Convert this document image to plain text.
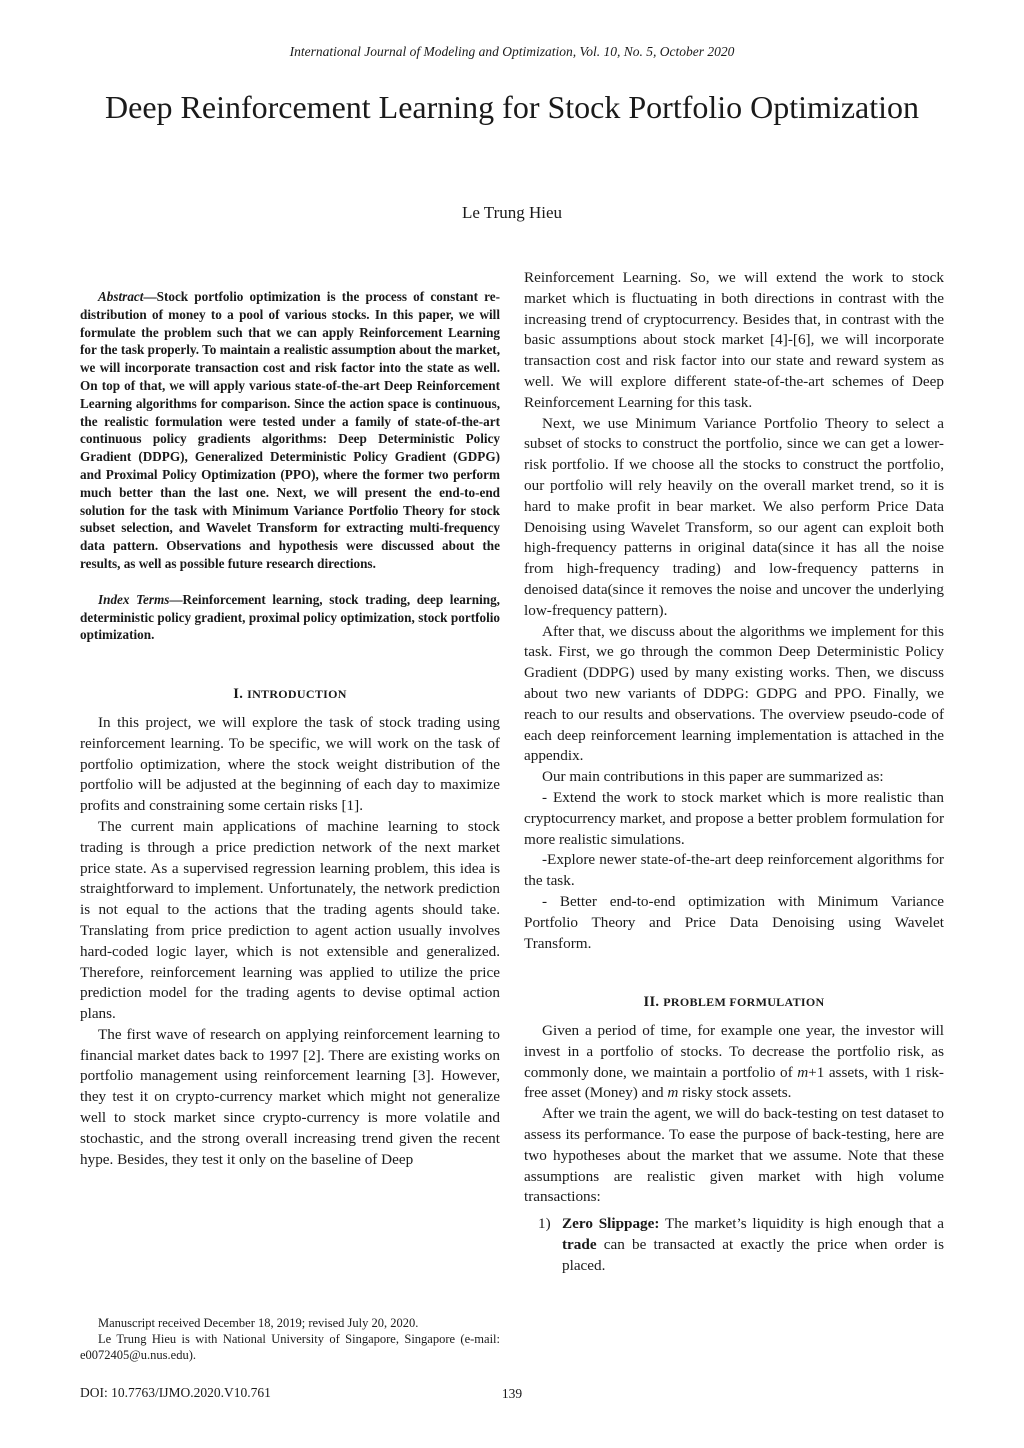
International Journal of Modeling and Optimization, Vol. 10, No. 5, October 2020
Deep Reinforcement Learning for Stock Portfolio Optimization
Le Trung Hieu

Abstract—Stock portfolio optimization is the process of constant re-distribution of money to a pool of various stocks. In this paper, we will formulate the problem such that we can apply Reinforcement Learning for the task properly. To maintain a realistic assumption about the market, we will incorporate transaction cost and risk factor into the state as well. On top of that, we will apply various state-of-the-art Deep Reinforcement Learning algorithms for comparison. Since the action space is continuous, the realistic formulation were tested under a family of state-of-the-art continuous policy gradients algorithms: Deep Deterministic Policy Gradient (DDPG), Generalized Deterministic Policy Gradient (GDPG) and Proximal Policy Optimization (PPO), where the former two perform much better than the last one. Next, we will present the end-to-end solution for the task with Minimum Variance Portfolio Theory for stock subset selection, and Wavelet Transform for extracting multi-frequency data pattern. Observations and hypothesis were discussed about the results, as well as possible future research directions.

Index Terms—Reinforcement learning, stock trading, deep learning, deterministic policy gradient, proximal policy optimization, stock portfolio optimization.

I. INTRODUCTION

In this project, we will explore the task of stock trading using reinforcement learning. To be specific, we will work on the task of portfolio optimization, where the stock weight distribution of the portfolio will be adjusted at the beginning of each day to maximize profits and constraining some certain risks [1].

The current main applications of machine learning to stock trading is through a price prediction network of the next market price state. As a supervised regression learning problem, this idea is straightforward to implement. Unfortunately, the network prediction is not equal to the actions that the trading agents should take. Translating from price prediction to agent action usually involves hard-coded logic layer, which is not extensible and generalized. Therefore, reinforcement learning was applied to utilize the price prediction model for the trading agents to devise optimal action plans.

The first wave of research on applying reinforcement learning to financial market dates back to 1997 [2]. There are existing works on portfolio management using reinforcement learning [3]. However, they test it on crypto-currency market which might not generalize well to stock market since crypto-currency is more volatile and stochastic, and the strong overall increasing trend given the recent hype. Besides, they test it only on the baseline of Deep

Reinforcement Learning. So, we will extend the work to stock market which is fluctuating in both directions in contrast with the increasing trend of cryptocurrency. Besides that, in contrast with the basic assumptions about stock market [4]-[6], we will incorporate transaction cost and risk factor into our state and reward system as well. We will explore different state-of-the-art schemes of Deep Reinforcement Learning for this task.

Next, we use Minimum Variance Portfolio Theory to select a subset of stocks to construct the portfolio, since we can get a lower-risk portfolio. If we choose all the stocks to construct the portfolio, our portfolio will rely heavily on the overall market trend, so it is hard to make profit in bear market. We also perform Price Data Denoising using Wavelet Transform, so our agent can exploit both high-frequency patterns in original data(since it has all the noise from high-frequency trading) and low-frequency patterns in denoised data(since it removes the noise and uncover the underlying low-frequency pattern).

After that, we discuss about the algorithms we implement for this task. First, we go through the common Deep Deterministic Policy Gradient (DDPG) used by many existing works. Then, we discuss about two new variants of DDPG: GDPG and PPO. Finally, we reach to our results and observations. The overview pseudo-code of each deep reinforcement learning implementation is attached in the appendix.

Our main contributions in this paper are summarized as:

- Extend the work to stock market which is more realistic than cryptocurrency market, and propose a better problem formulation for more realistic simulations.

-Explore newer state-of-the-art deep reinforcement algorithms for the task.

- Better end-to-end optimization with Minimum Variance Portfolio Theory and Price Data Denoising using Wavelet Transform.

II. PROBLEM FORMULATION

Given a period of time, for example one year, the investor will invest in a portfolio of stocks. To decrease the portfolio risk, as commonly done, we maintain a portfolio of m+1 assets, with 1 risk-free asset (Money) and m risky stock assets.

After we train the agent, we will do back-testing on test dataset to assess its performance. To ease the purpose of back-testing, here are two hypotheses about the market that we assume. Note that these assumptions are realistic given market with high volume transactions:

1) Zero Slippage: The market’s liquidity is high enough that a trade can be transacted at exactly the price when order is placed.

Manuscript received December 18, 2019; revised July 20, 2020.

Le Trung Hieu is with National University of Singapore, Singapore (e-mail: e0072405@u.nus.edu).

DOI: 10.7763/IJMO.2020.V10.761	139
